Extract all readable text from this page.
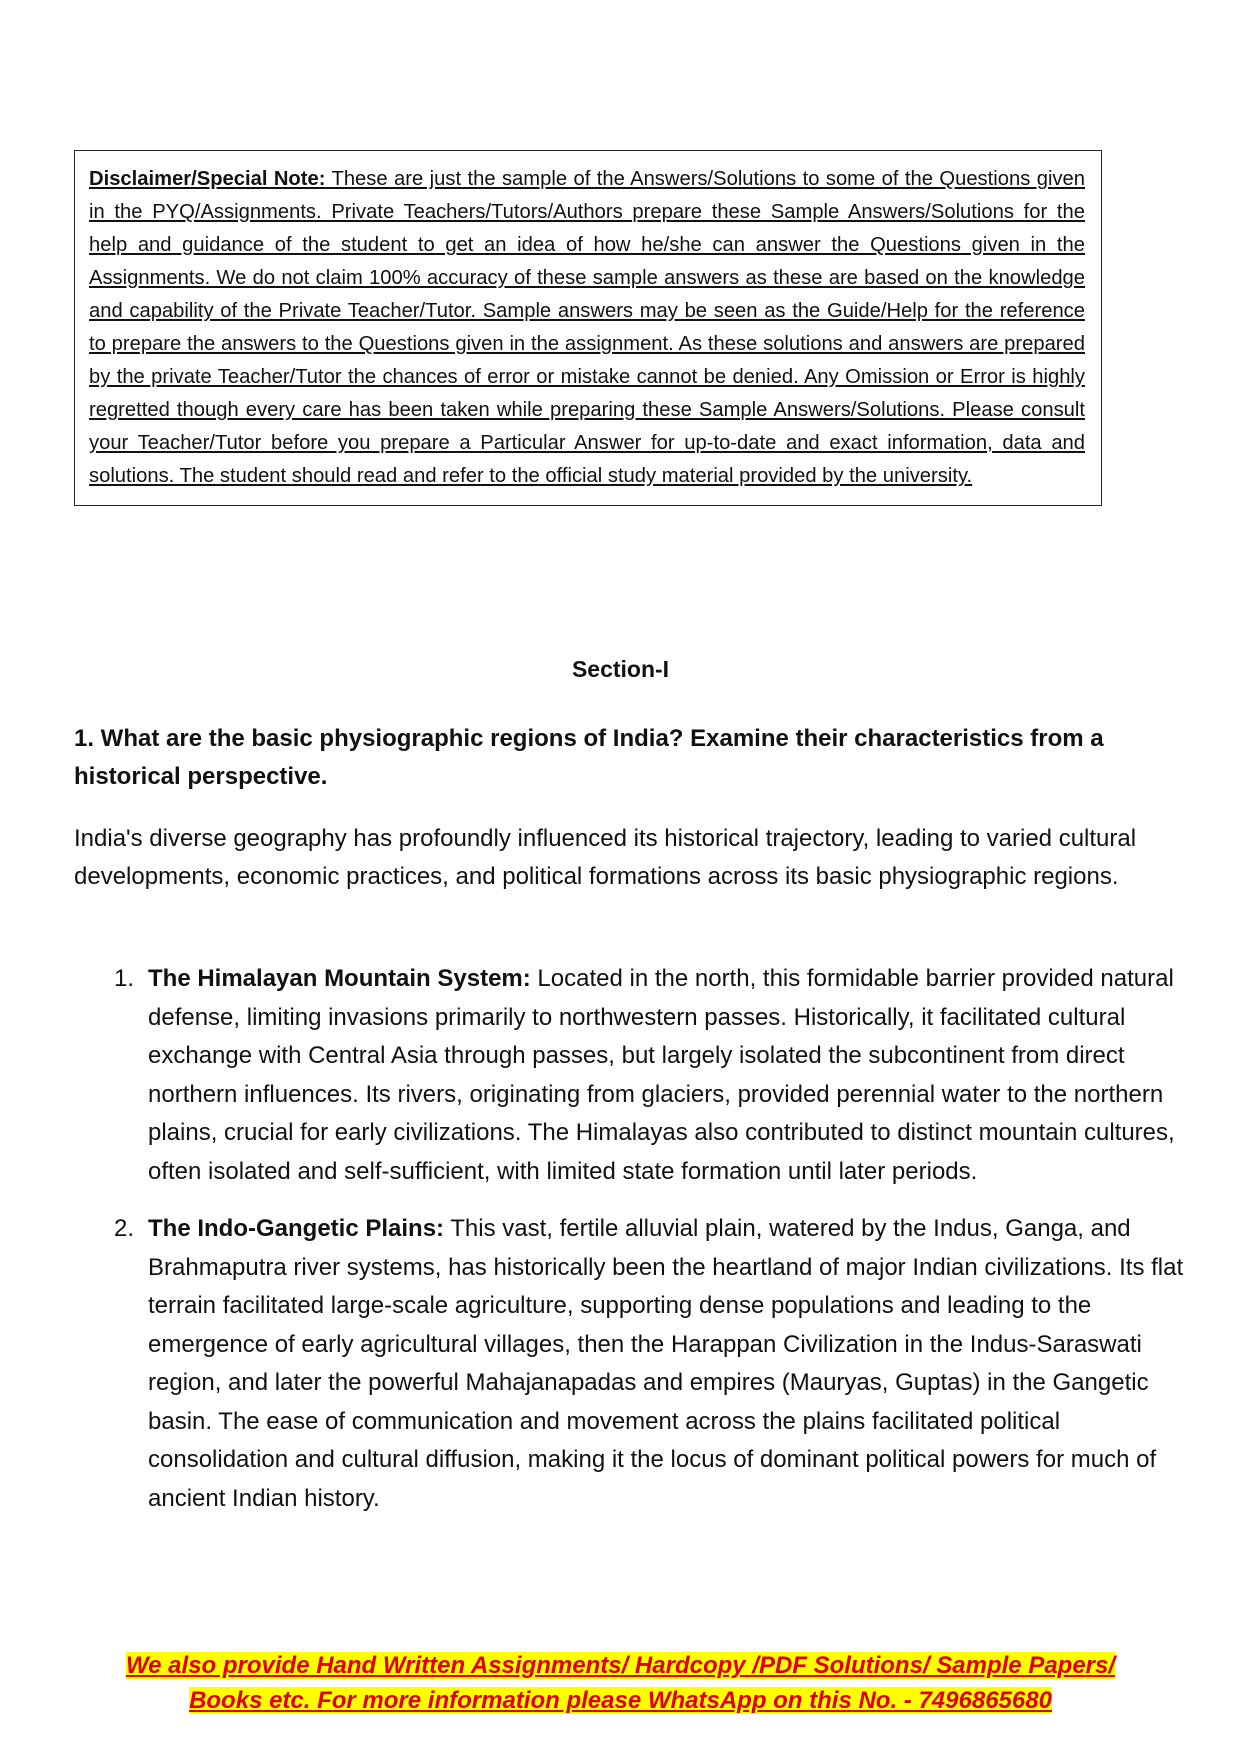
Disclaimer/Special Note: These are just the sample of the Answers/Solutions to some of the Questions given in the PYQ/Assignments. Private Teachers/Tutors/Authors prepare these Sample Answers/Solutions for the help and guidance of the student to get an idea of how he/she can answer the Questions given in the Assignments. We do not claim 100% accuracy of these sample answers as these are based on the knowledge and capability of the Private Teacher/Tutor. Sample answers may be seen as the Guide/Help for the reference to prepare the answers to the Questions given in the assignment. As these solutions and answers are prepared by the private Teacher/Tutor the chances of error or mistake cannot be denied. Any Omission or Error is highly regretted though every care has been taken while preparing these Sample Answers/Solutions. Please consult your Teacher/Tutor before you prepare a Particular Answer for up-to-date and exact information, data and solutions. The student should read and refer to the official study material provided by the university.
Section-I
1. What are the basic physiographic regions of India? Examine their characteristics from a historical perspective.
India's diverse geography has profoundly influenced its historical trajectory, leading to varied cultural developments, economic practices, and political formations across its basic physiographic regions.
1. The Himalayan Mountain System: Located in the north, this formidable barrier provided natural defense, limiting invasions primarily to northwestern passes. Historically, it facilitated cultural exchange with Central Asia through passes, but largely isolated the subcontinent from direct northern influences. Its rivers, originating from glaciers, provided perennial water to the northern plains, crucial for early civilizations. The Himalayas also contributed to distinct mountain cultures, often isolated and self-sufficient, with limited state formation until later periods.
2. The Indo-Gangetic Plains: This vast, fertile alluvial plain, watered by the Indus, Ganga, and Brahmaputra river systems, has historically been the heartland of major Indian civilizations. Its flat terrain facilitated large-scale agriculture, supporting dense populations and leading to the emergence of early agricultural villages, then the Harappan Civilization in the Indus-Saraswati region, and later the powerful Mahajanapadas and empires (Mauryas, Guptas) in the Gangetic basin. The ease of communication and movement across the plains facilitated political consolidation and cultural diffusion, making it the locus of dominant political powers for much of ancient Indian history.
We also provide Hand Written Assignments/ Hardcopy /PDF Solutions/ Sample Papers/
Books etc. For more information please WhatsApp on this No. - 7496865680
